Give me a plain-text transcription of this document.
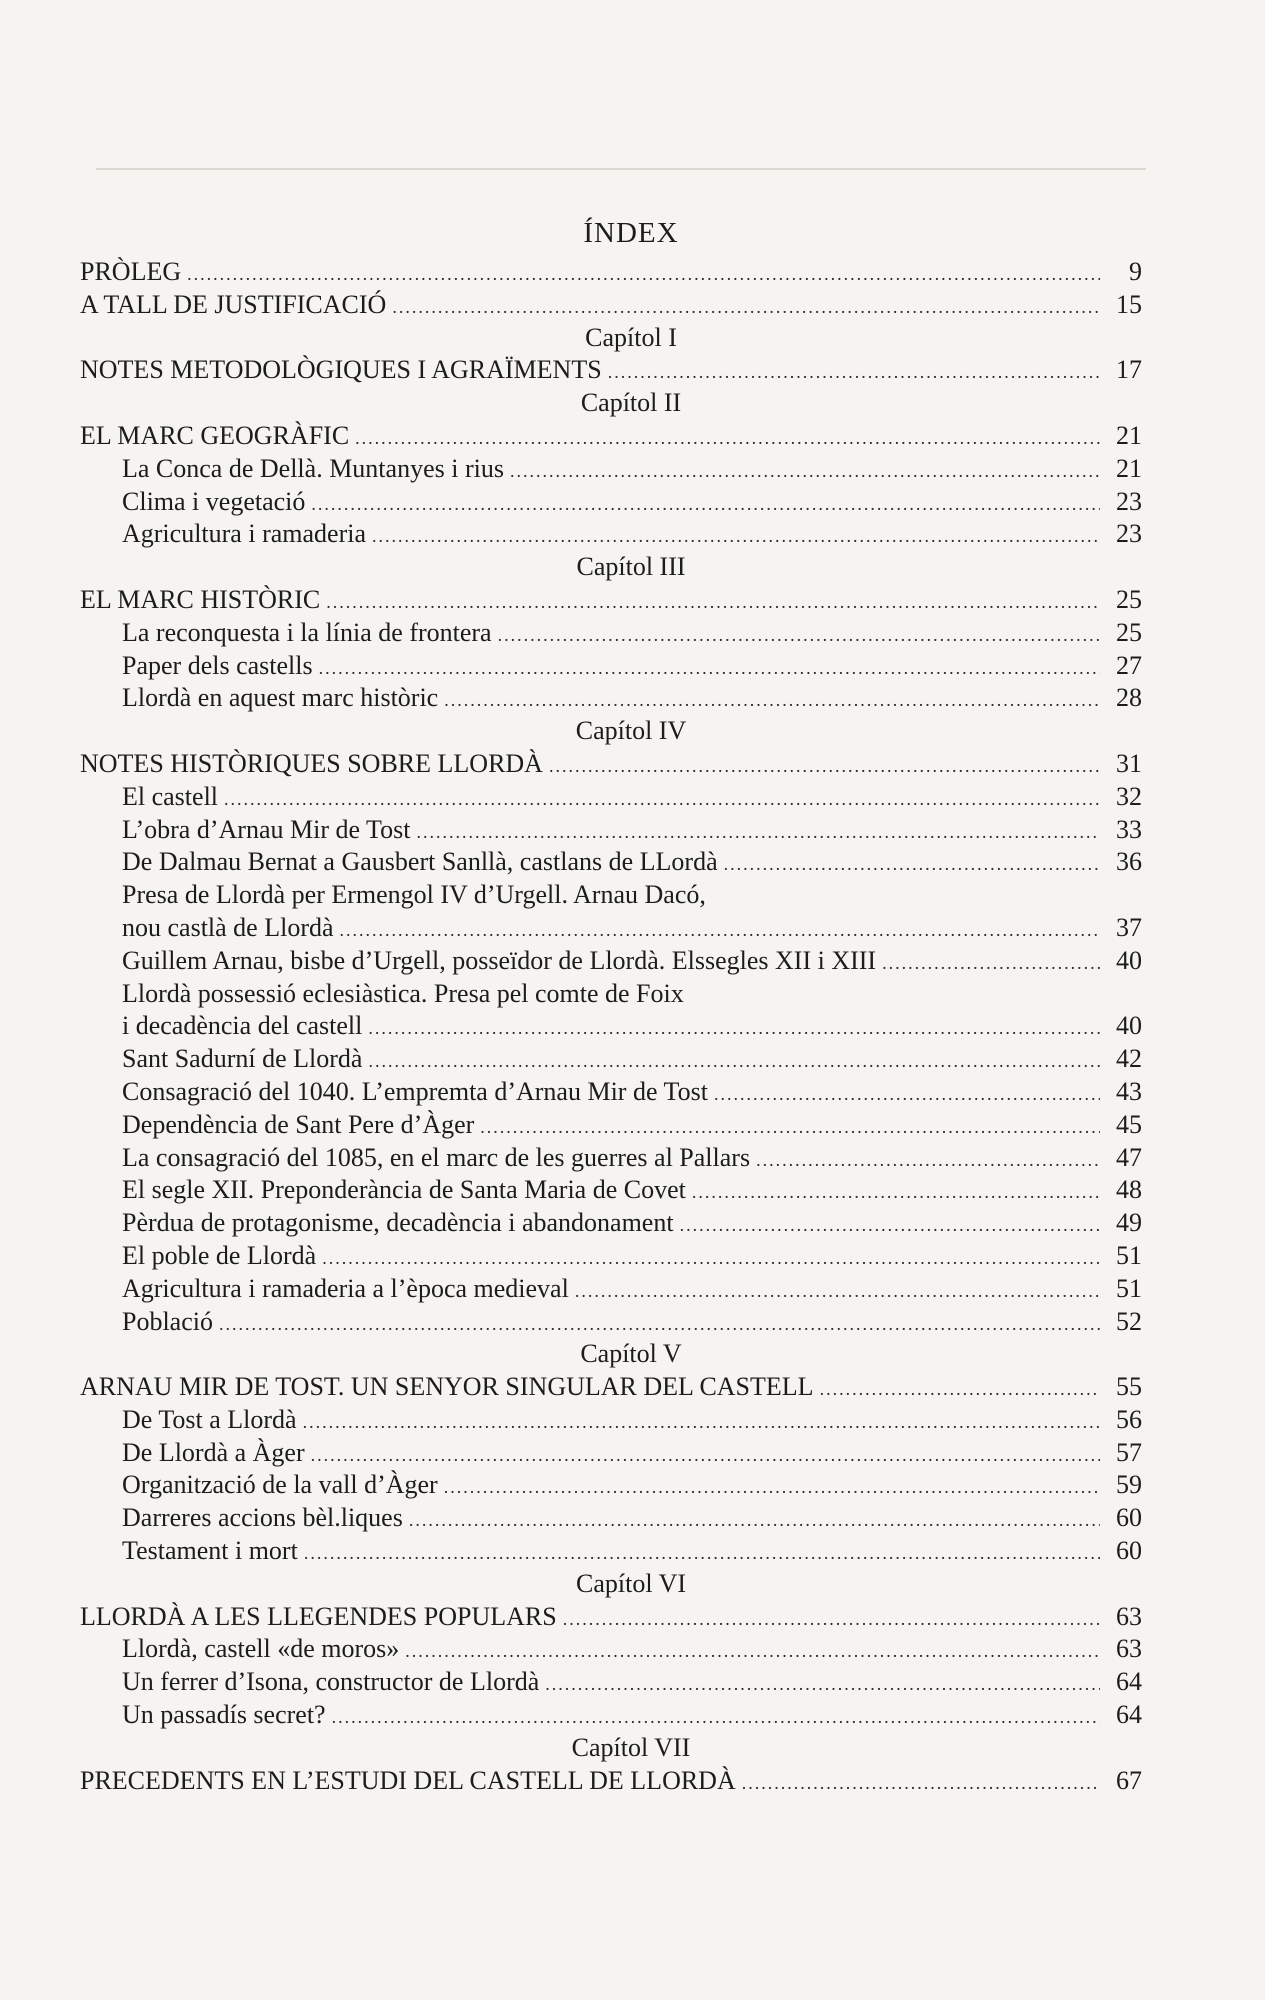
ÍNDEX
PRÒLEG .....	9
A TALL DE JUSTIFICACIÓ .....	15
Capítol I
NOTES METODOLÒGIQUES I AGRAÏMENTS .....	17
Capítol II
EL MARC GEOGRÀFIC .....	21
La Conca de Dellà. Muntanyes i rius .....	21
Clima i vegetació .....	23
Agricultura i ramaderia .....	23
Capítol III
EL MARC HISTÒRIC .....	25
La reconquesta i la línia de frontera .....	25
Paper dels castells .....	27
Llordà en aquest marc històric .....	28
Capítol IV
NOTES HISTÒRIQUES SOBRE LLORDÀ .....	31
El castell .....	32
L’obra d’Arnau Mir de Tost .....	33
De Dalmau Bernat a Gausbert Sanllà, castlans de LLordà .....	36
Presa de Llordà per Ermengol IV d’Urgell. Arnau Dacó,
nou castlà de Llordà .....	37
Guillem Arnau, bisbe d’Urgell, posseïdor de Llordà. Elssegles XII i XIII .....	40
Llordà possessió eclesiàstica. Presa pel comte de Foix
i decadència del castell .....	40
Sant Sadurní de Llordà .....	42
Consagració del 1040. L’empremta d’Arnau Mir de Tost .....	43
Dependència de Sant Pere d’Àger .....	45
La consagració del 1085, en el marc de les guerres al Pallars .....	47
El segle XII. Preponderància de Santa Maria de Covet .....	48
Pèrdua de protagonisme, decadència i abandonament .....	49
El poble de Llordà .....	51
Agricultura i ramaderia a l’època medieval .....	51
Població .....	52
Capítol V
ARNAU MIR DE TOST. UN SENYOR SINGULAR DEL CASTELL .....	55
De Tost a Llordà .....	56
De Llordà a Àger .....	57
Organització de la vall d’Àger .....	59
Darreres accions bèl.liques .....	60
Testament i mort .....	60
Capítol VI
LLORDÀ A LES LLEGENDES POPULARS .....	63
Llordà, castell «de moros» .....	63
Un ferrer d’Isona, constructor de Llordà .....	64
Un passadís secret? .....	64
Capítol VII
PRECEDENTS EN L’ESTUDI DEL CASTELL DE LLORDÀ .....	67
